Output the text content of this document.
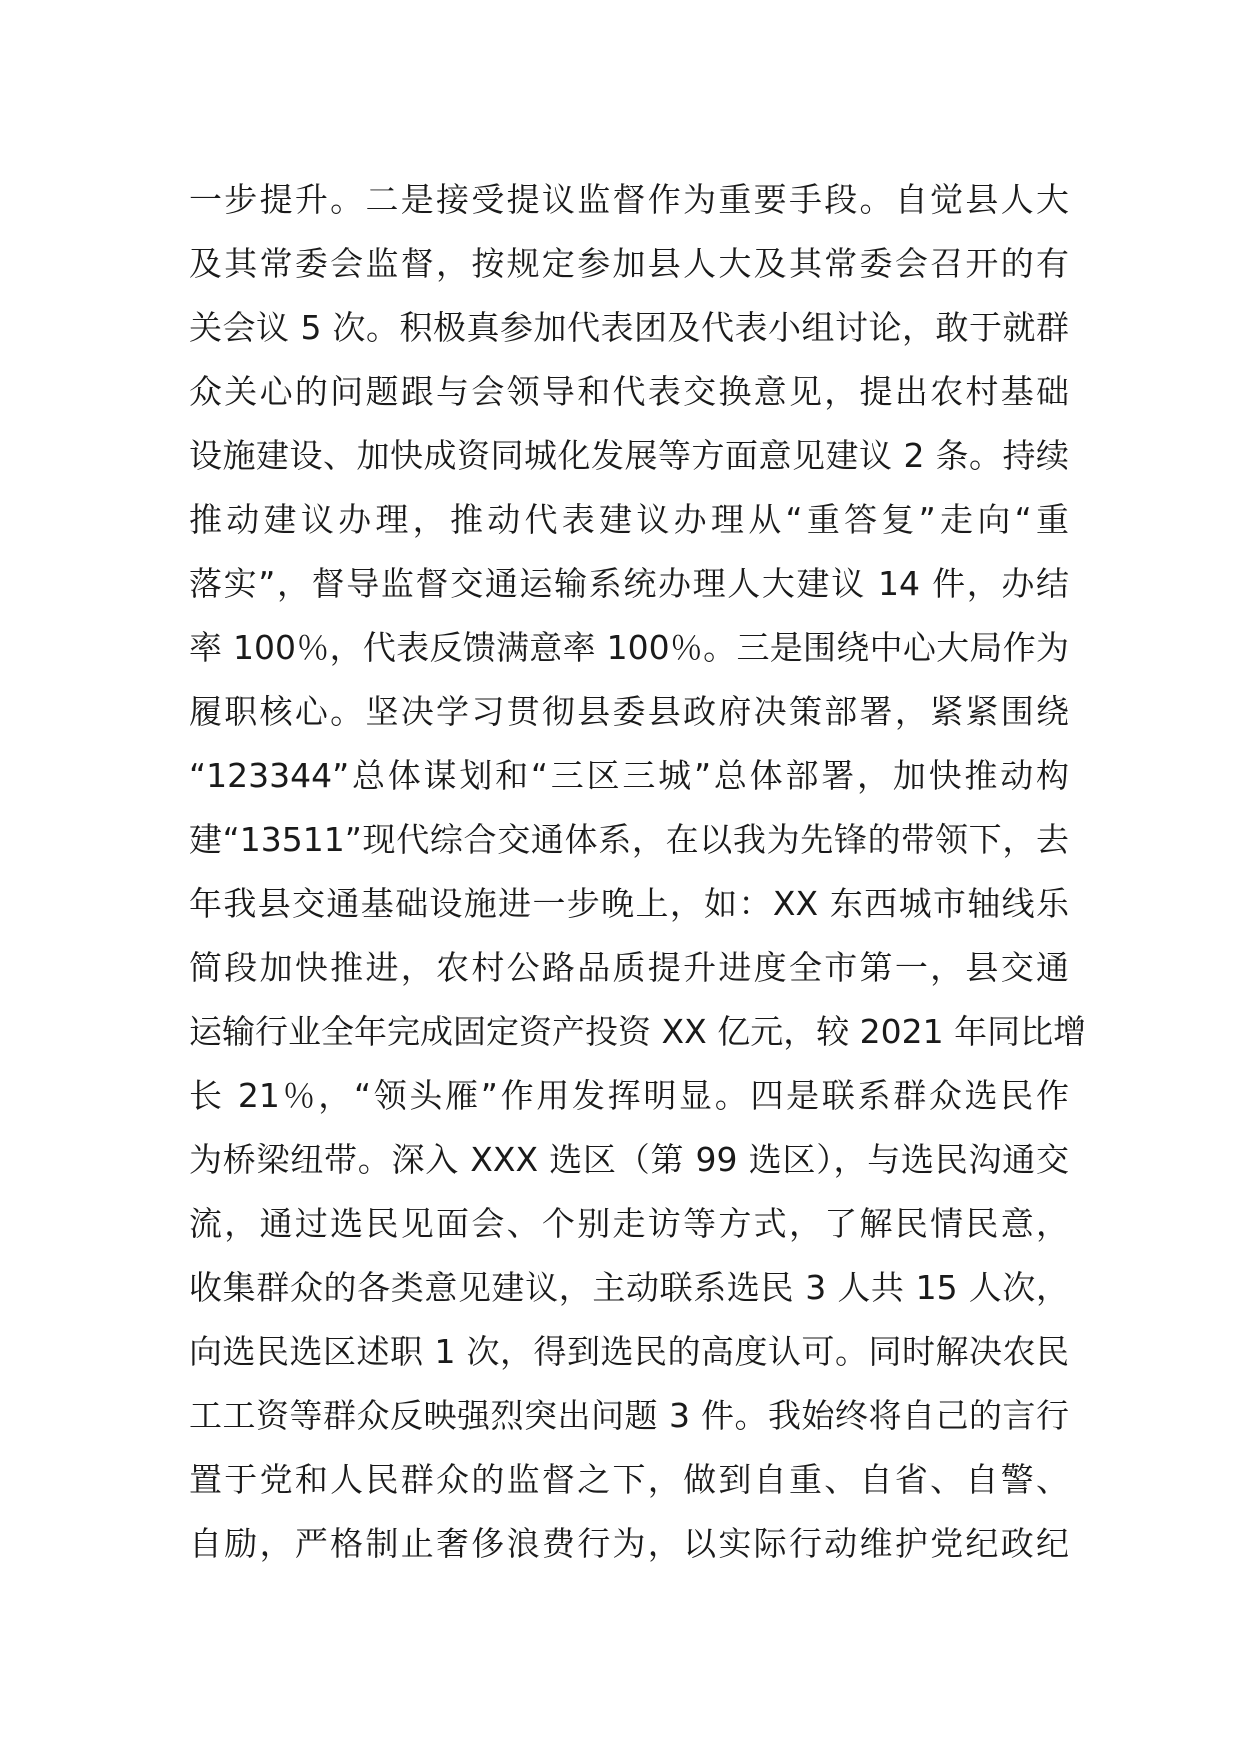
一步提升。二是接受提议监督作为重要手段。自觉县人大
及其常委会监督，按规定参加县人大及其常委会召开的有
关会议 5 次。积极真参加代表团及代表小组讨论，敢于就群
众关心的问题跟与会领导和代表交换意见，提出农村基础
设施建设、加快成资同城化发展等方面意见建议 2 条。持续
推动建议办理，推动代表建议办理从“重答复”走向“重
落实”，督导监督交通运输系统办理人大建议 14 件，办结
率 100％，代表反馈满意率 100％。三是围绕中心大局作为
履职核心。坚决学习贯彻县委县政府决策部署，紧紧围绕
“123344”总体谋划和“三区三城”总体部署，加快推动构
建“13511”现代综合交通体系，在以我为先锋的带领下，去
年我县交通基础设施进一步晚上，如：XX 东西城市轴线乐
简段加快推进，农村公路品质提升进度全市第一，县交通
运输行业全年完成固定资产投资 XX 亿元，较 2021 年同比增
长 21％，“领头雁”作用发挥明显。四是联系群众选民作
为桥梁纽带。深入 XXX 选区（第 99 选区），与选民沟通交
流，通过选民见面会、个别走访等方式，了解民情民意，
收集群众的各类意见建议，主动联系选民 3 人共 15 人次，
向选民选区述职 1 次，得到选民的高度认可。同时解决农民
工工资等群众反映强烈突出问题 3 件。我始终将自己的言行
置于党和人民群众的监督之下，做到自重、自省、自警、
自励，严格制止奢侈浪费行为，以实际行动维护党纪政纪
